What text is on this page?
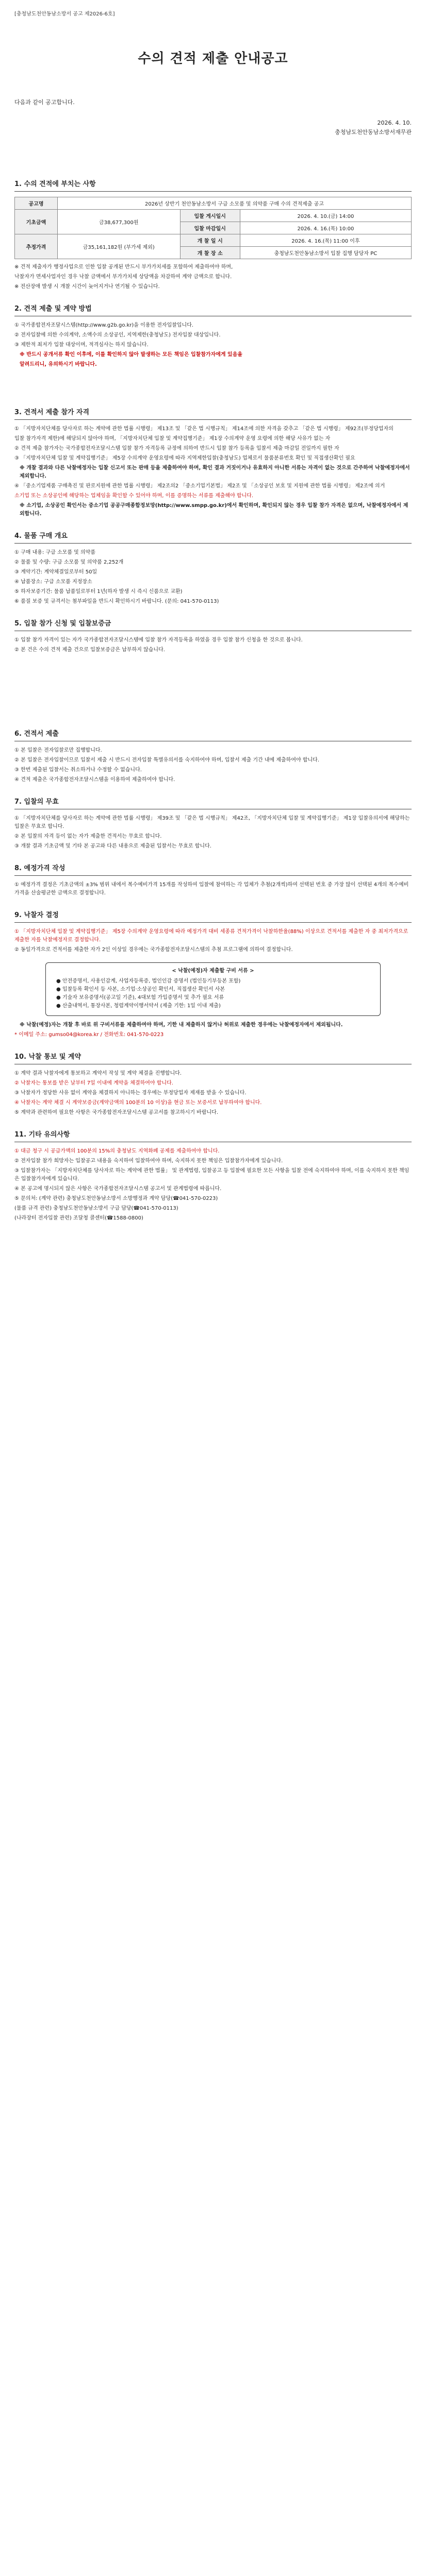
[충청남도천안동남소방서 공고 제2026-6호]
수의 견적 제출 안내공고
다음과 같이 공고합니다.
2026. 4. 10.
충청남도천안동남소방서재무관
1. 수의 견적에 부치는 사항
공고명	2026년 상반기 천안동남소방서 구급 소모품 및 의약품 구매 수의 견적제출 공고		
기초금액	금38,677,300원	입찰 게시일시	2026. 4. 10.(금) 14:00
		입찰 마감일시	2026. 4. 16.(목) 10:00
추정가격	금35,161,182원 (부가세 제외)	개 찰 일 시	2026. 4. 16.(목) 11:00 이후
		개 찰 장 소	충청남도천안동남소방서 입찰 집행 담당자 PC

※ 견적 제출자가 행정사업으로 인한 입찰 공개된 반드시 부가가치세를 포함하여 제출하여야 하며,

낙찰자가 면세사업자인 경우 낙찰 금액에서 부가가치세 상당액을 차감하여 계약 금액으로 합니다.

※ 전산장애 발생 시 개찰 시간이 늦어지거나 연기될 수 있습니다.

2. 견적 제출 및 계약 방법

① 국가종합전자조달시스템(http://www.g2b.go.kr)을 이용한 전자입찰입니다.

② 전자입찰에 의한 수의계약, 소액수의 소상공인, 지역제한(충청남도) 전자입찰 대상입니다.

③ 제한적 최저가 입찰 대상이며, 적격심사는 하지 않습니다.

※ 반드시 공개서류 확인 이후에, 이를 확인하지 않아 발생하는 모든 책임은 입찰참가자에게 있음을

알려드리니, 유의하시기 바랍니다.

3. 견적서 제출 참가 자격

① 「지방자치단체를 당사자로 하는 계약에 관한 법률 시행령」 제13조 및 「같은 법 시행규칙」 제14조에 의한 자격을 갖추고 「같은 법 시행령」 제92조(부정당업자의

입찰 참가자격 제한)에 해당되지 않아야 하며, 「지방자치단체 입찰 및 계약집행기준」 제1장 수의계약 운영 요령에 의한 해당 사유가 없는 자

② 견적 제출 참가자는 국가종합전자조달시스템 입찰 참가 자격등록 규정에 의하여 반드시 입찰 참가 등록을 입찰서 제출 마감일 전일까지 필한 자

③ 「지방자치단체 입찰 및 계약집행기준」 제5장 수의계약 운영요령에 따라 지역제한입찰(충청남도) 업체로서 물품분류번호 확인 및 직접생산확인 필요

※ 개찰 결과와 다른 낙찰예정자는 입찰 신고서 또는 판매 등을 제출하여야 하며, 확인 결과 거짓이거나 유효하지 아니한 서류는 자격이 없는 것으로 간주하여 낙찰예정자에서 제외합니다.

④ 「중소기업제품 구매촉진 및 판로지원에 관한 법률 시행령」 제2조의2 「중소기업기본법」 제2조 및 「소상공인 보호 및 지원에 관한 법률 시행령」 제2조에 의거

소기업 또는 소상공인에 해당하는 업체임을 확인할 수 있어야 하며, 이를 증명하는 서류를 제출해야 합니다.

※ 소기업, 소상공인 확인서는 중소기업 공공구매종합정보망(http://www.smpp.go.kr)에서 확인하며, 확인되지 않는 경우 입찰 참가 자격은 없으며, 낙찰예정자에서 제외합니다.

4. 물품 구매 개요

① 구매 내용: 구급 소모품 및 의약품

② 물품 및 수량: 구급 소모품 및 의약품 2,252개

③ 계약기간: 계약체결일로부터 50일

④ 납품장소: 구급 소모품 지정장소

⑤ 하자보증기간: 물품 납품일로부터 1년(하자 발생 시 즉시 신품으로 교환)

⑥ 품질 보증 및 규격서는 첨부파일을 반드시 확인하시기 바랍니다. (문의: 041-570-0113)

5. 입찰 참가 신청 및 입찰보증금

① 입찰 참가 자격이 있는 자가 국가종합전자조달시스템에 입찰 참가 자격등록을 하였을 경우 입찰 참가 신청을 한 것으로 봅니다.

② 본 건은 수의 견적 제출 건으로 입찰보증금은 납부하지 않습니다.

6. 견적서 제출

① 본 입찰은 전자입찰로만 집행합니다.

② 본 입찰은 전자입찰이므로 입찰서 제출 시 반드시 전자입찰 특별유의서를 숙지하여야 하며, 입찰서 제출 기간 내에 제출하여야 합니다.

③ 한번 제출된 입찰서는 취소하거나 수정할 수 없습니다.

④ 견적 제출은 국가종합전자조달시스템을 이용하여 제출하여야 합니다.

7. 입찰의 무효

① 「지방자치단체를 당사자로 하는 계약에 관한 법률 시행령」 제39조 및 「같은 법 시행규칙」 제42조, 「지방자치단체 입찰 및 계약집행기준」 제1장 입찰유의서에 해당하는 입찰은 무효로 합니다.

② 본 입찰의 자격 등이 없는 자가 제출한 견적서는 무효로 합니다.

③ 개찰 결과 기초금액 및 기타 본 공고와 다른 내용으로 제출된 입찰서는 무효로 합니다.

8. 예정가격 작성

① 예정가격 결정은 기초금액의 ±3% 범위 내에서 복수예비가격 15개를 작성하여 입찰에 참여하는 각 업체가 추첨(2개씩)하여 선택된 번호 중 가장 많이 선택된 4개의 복수예비가격을 산술평균한 금액으로 결정합니다.

9. 낙찰자 결정

① 「지방자치단체 입찰 및 계약집행기준」 제5장 수의계약 운영요령에 따라 예정가격 대비 세종류 견적가격이 낙찰하한율(88%) 이상으로 견적서를 제출한 자 중 최저가격으로 제출한 자를 낙찰예정자로 결정합니다.

② 동일가격으로 견적서를 제출한 자가 2인 이상일 경우에는 국가종합전자조달시스템의 추첨 프로그램에 의하여 결정합니다.

< 낙찰(예정)자 제출할 구비 서류 >
● 안전증명서, 사용인감계, 사업자등록증, 법인인감 증명서 (법인등기부등본 포함)
● 입찰등록 확인서 등 사본, 소기업·소상공인 확인서, 직접생산 확인서 사본
● 기술자 보유증명서(공고일 기준), 4대보험 가입증명서 및 추가 필요 서류
● 산출내역서, 통장사본, 청렴계약이행서약서 (제출 기한: 1일 이내 제출)

※ 낙찰(예정)자는 개찰 후 바로 위 구비서류를 제출하여야 하며, 기한 내 제출하지 않거나 허위로 제출한 경우에는 낙찰예정자에서 제외됩니다.

* 이메일 주소: gumso04@korea.kr / 전화번호: 041-570-0223

10. 낙찰 통보 및 계약

① 계약 결과 낙찰자에게 통보하고 계약서 작성 및 계약 체결을 진행합니다.

② 낙찰자는 통보를 받은 날부터 7일 이내에 계약을 체결하여야 합니다.

③ 낙찰자가 정당한 사유 없이 계약을 체결하지 아니하는 경우에는 부정당업자 제재를 받을 수 있습니다.

④ 낙찰자는 계약 체결 시 계약보증금(계약금액의 100분의 10 이상)을 현금 또는 보증서로 납부하여야 합니다.

⑤ 계약과 관련하여 필요한 사항은 국가종합전자조달시스템 공고서를 참고하시기 바랍니다.

11. 기타 유의사항

① 대금 청구 시 공급가액의 100분의 15%의 충청남도 지역화폐 공제를 제출하여야 합니다.

② 전자입찰 참가 희망자는 입찰공고 내용을 숙지하여 입찰하여야 하며, 숙지하지 못한 책임은 입찰참가자에게 있습니다.

③ 입찰참가자는 「지방자치단체를 당사자로 하는 계약에 관한 법률」 및 관계법령, 입찰공고 등 입찰에 필요한 모든 사항을 입찰 전에 숙지하여야 하며, 이를 숙지하지 못한 책임은 입찰참가자에게 있습니다.

④ 본 공고에 명시되지 않은 사항은 국가종합전자조달시스템 공고서 및 관계법령에 따릅니다.

⑤ 문의처: (계약 관련) 충청남도천안동남소방서 소방행정과 계약 담당(☎041-570-0223)

(물품 규격 관련) 충청남도천안동남소방서 구급 담당(☎041-570-0113)

(나라장터 전자입찰 관련) 조달청 콜센터(☎1588-0800)
